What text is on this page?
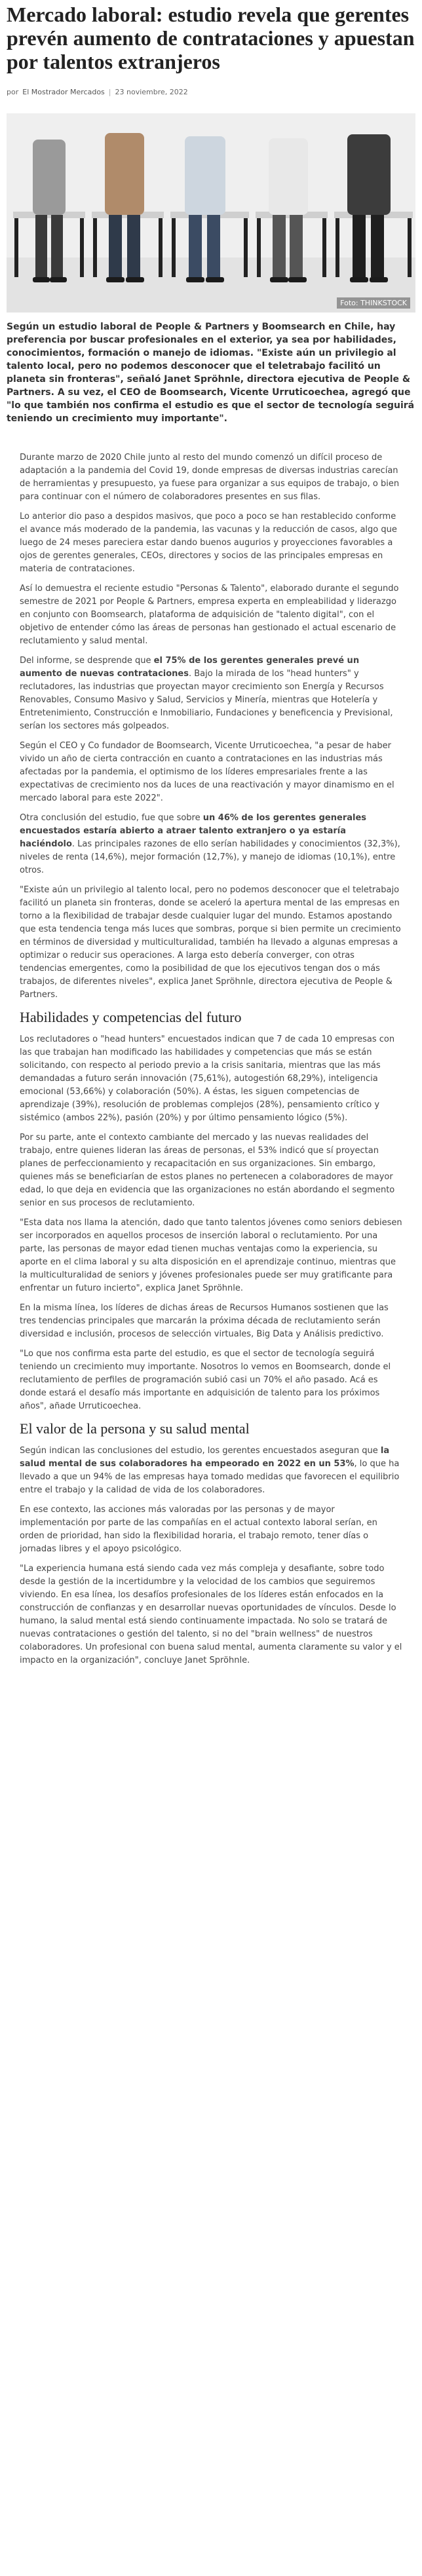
Mercado laboral: estudio revela que gerentes prevén aumento de contrataciones y apuestan por talentos extranjeros
por El Mostrador Mercados | 23 noviembre, 2022
Foto: THINKSTOCK

Según un estudio laboral de People & Partners y Boomsearch en Chile, hay preferencia por buscar profesionales en el exterior, ya sea por habilidades, conocimientos, formación o manejo de idiomas. "Existe aún un privilegio al talento local, pero no podemos desconocer que el teletrabajo facilitó un planeta sin fronteras", señaló Janet Spröhnle, directora ejecutiva de People & Partners. A su vez, el CEO de Boomsearch, Vicente Urruticoechea, agregó que "lo que también nos confirma el estudio es que el sector de tecnología seguirá teniendo un crecimiento muy importante".

Durante marzo de 2020 Chile junto al resto del mundo comenzó un difícil proceso de adaptación a la pandemia del Covid 19, donde empresas de diversas industrias carecían de herramientas y presupuesto, ya fuese para organizar a sus equipos de trabajo, o bien para continuar con el número de colaboradores presentes en sus filas.

Lo anterior dio paso a despidos masivos, que poco a poco se han restablecido conforme el avance más moderado de la pandemia, las vacunas y la reducción de casos, algo que luego de 24 meses pareciera estar dando buenos augurios y proyecciones favorables a ojos de gerentes generales, CEOs, directores y socios de las principales empresas en materia de contrataciones.

Así lo demuestra el reciente estudio "Personas & Talento", elaborado durante el segundo semestre de 2021 por People & Partners, empresa experta en empleabilidad y liderazgo en conjunto con Boomsearch, plataforma de adquisición de "talento digital", con el objetivo de entender cómo las áreas de personas han gestionado el actual escenario de reclutamiento y salud mental.

Del informe, se desprende que el 75% de los gerentes generales prevé un aumento de nuevas contrataciones. Bajo la mirada de los "head hunters" y reclutadores, las industrias que proyectan mayor crecimiento son Energía y Recursos Renovables, Consumo Masivo y Salud, Servicios y Minería, mientras que Hotelería y Entretenimiento, Construcción e Inmobiliario, Fundaciones y beneficencia y Previsional, serían los sectores más golpeados.

Según el CEO y Co fundador de Boomsearch, Vicente Urruticoechea, "a pesar de haber vivido un año de cierta contracción en cuanto a contrataciones en las industrias más afectadas por la pandemia, el optimismo de los líderes empresariales frente a las expectativas de crecimiento nos da luces de una reactivación y mayor dinamismo en el mercado laboral para este 2022".

Otra conclusión del estudio, fue que sobre un 46% de los gerentes generales encuestados estaría abierto a atraer talento extranjero o ya estaría haciéndolo. Las principales razones de ello serían habilidades y conocimientos (32,3%), niveles de renta (14,6%), mejor formación (12,7%), y manejo de idiomas (10,1%), entre otros.

"Existe aún un privilegio al talento local, pero no podemos desconocer que el teletrabajo facilitó un planeta sin fronteras, donde se aceleró la apertura mental de las empresas en torno a la flexibilidad de trabajar desde cualquier lugar del mundo. Estamos apostando que esta tendencia tenga más luces que sombras, porque si bien permite un crecimiento en términos de diversidad y multiculturalidad, también ha llevado a algunas empresas a optimizar o reducir sus operaciones. A larga esto debería converger, con otras tendencias emergentes, como la posibilidad de que los ejecutivos tengan dos o más trabajos, de diferentes niveles", explica Janet Spröhnle, directora ejecutiva de People & Partners.

Habilidades y competencias del futuro

Los reclutadores o "head hunters" encuestados indican que 7 de cada 10 empresas con las que trabajan han modificado las habilidades y competencias que más se están solicitando, con respecto al periodo previo a la crisis sanitaria, mientras que las más demandadas a futuro serán innovación (75,61%), autogestión 68,29%), inteligencia emocional (53,66%) y colaboración (50%). A éstas, les siguen competencias de aprendizaje (39%), resolución de problemas complejos (28%), pensamiento crítico y sistémico (ambos 22%), pasión (20%) y por último pensamiento lógico (5%).

Por su parte, ante el contexto cambiante del mercado y las nuevas realidades del trabajo, entre quienes lideran las áreas de personas, el 53% indicó que sí proyectan planes de perfeccionamiento y recapacitación en sus organizaciones. Sin embargo, quienes más se beneficiarían de estos planes no pertenecen a colaboradores de mayor edad, lo que deja en evidencia que las organizaciones no están abordando el segmento senior en sus procesos de reclutamiento.

"Esta data nos llama la atención, dado que tanto talentos jóvenes como seniors debiesen ser incorporados en aquellos procesos de inserción laboral o reclutamiento. Por una parte, las personas de mayor edad tienen muchas ventajas como la experiencia, su aporte en el clima laboral y su alta disposición en el aprendizaje continuo, mientras que la multiculturalidad de seniors y jóvenes profesionales puede ser muy gratificante para enfrentar un futuro incierto", explica Janet Spröhnle.

En la misma línea, los líderes de dichas áreas de Recursos Humanos sostienen que las tres tendencias principales que marcarán la próxima década de reclutamiento serán diversidad e inclusión, procesos de selección virtuales, Big Data y Análisis predictivo.

"Lo que nos confirma esta parte del estudio, es que el sector de tecnología seguirá teniendo un crecimiento muy importante. Nosotros lo vemos en Boomsearch, donde el reclutamiento de perfiles de programación subió casi un 70% el año pasado. Acá es donde estará el desafío más importante en adquisición de talento para los próximos años", añade Urruticoechea.

El valor de la persona y su salud mental

Según indican las conclusiones del estudio, los gerentes encuestados aseguran que la salud mental de sus colaboradores ha empeorado en 2022 en un 53%, lo que ha llevado a que un 94% de las empresas haya tomado medidas que favorecen el equilibrio entre el trabajo y la calidad de vida de los colaboradores.

En ese contexto, las acciones más valoradas por las personas y de mayor implementación por parte de las compañías en el actual contexto laboral serían, en orden de prioridad, han sido la flexibilidad horaria, el trabajo remoto, tener días o jornadas libres y el apoyo psicológico.

"La experiencia humana está siendo cada vez más compleja y desafiante, sobre todo desde la gestión de la incertidumbre y la velocidad de los cambios que seguiremos viviendo. En esa línea, los desafíos profesionales de los líderes están enfocados en la construcción de confianzas y en desarrollar nuevas oportunidades de vínculos. Desde lo humano, la salud mental está siendo continuamente impactada. No solo se tratará de nuevas contrataciones o gestión del talento, si no del "brain wellness" de nuestros colaboradores. Un profesional con buena salud mental, aumenta claramente su valor y el impacto en la organización", concluye Janet Spröhnle.
